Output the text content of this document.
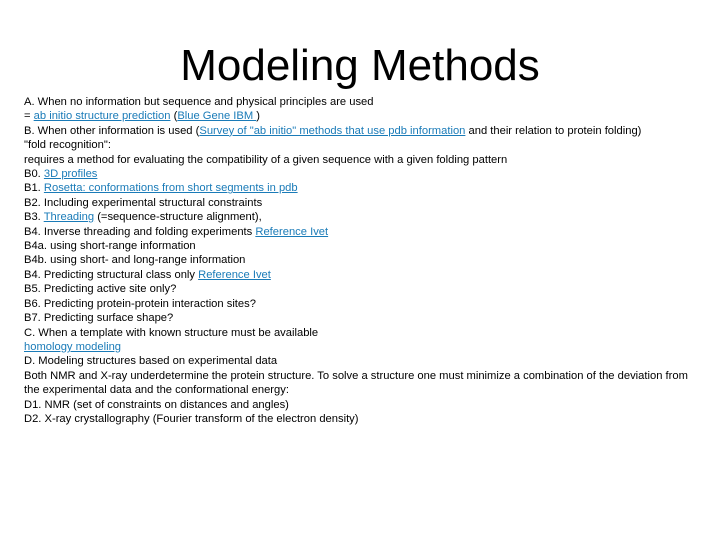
Modeling Methods

A. When no information but sequence and physical principles are used

= ab initio structure prediction (Blue Gene IBM )

B. When other information is used (Survey of "ab initio" methods that use pdb information and their relation to protein folding)

"fold recognition":

requires a method for evaluating the compatibility of a given sequence with a given folding pattern

B0. 3D profiles

B1. Rosetta: conformations from short segments in pdb

B2. Including experimental structural constraints

B3. Threading (=sequence-structure alignment),

B4. Inverse threading and folding experiments Reference Ivet

B4a. using short-range information

B4b. using short- and long-range information

B4. Predicting structural class only Reference Ivet

B5. Predicting active site only?

B6. Predicting protein-protein interaction sites?

B7. Predicting surface shape?

C. When a template with known structure must be available

homology modeling

D. Modeling structures based on experimental data

Both NMR and X-ray underdetermine the protein structure. To solve a structure one must minimize a combination of the deviation from the experimental data and the conformational energy:

D1. NMR (set of constraints on distances and angles)

D2. X-ray crystallography (Fourier transform of the electron density)
